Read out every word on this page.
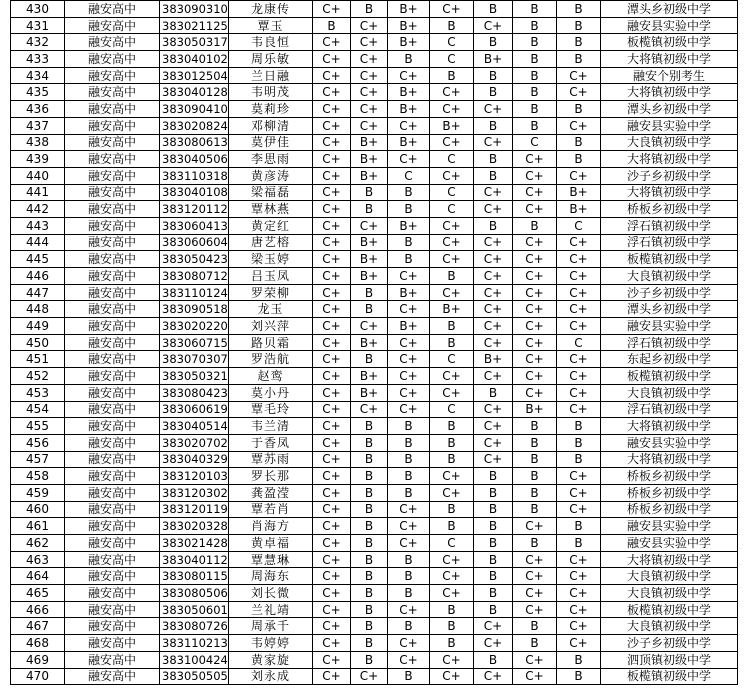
430	融安高中	383090310	龙康传	C+	B	B+	C+	B	B	B	潭头乡初级中学
431	融安高中	383021125	覃玉	B	C+	B+	B	C+	B	B	融安县实验中学
432	融安高中	383050317	韦良恒	C+	C+	B+	C	B	B	B	板榄镇初级中学
433	融安高中	383040102	周乐敏	C+	C+	B	C	B+	B	B	大将镇初级中学
434	融安高中	383012504	兰日融	C+	C+	C+	B	B	B	C+	融安个别考生
435	融安高中	383040128	韦明茂	C+	C+	B+	C+	B	B	C+	大将镇初级中学
436	融安高中	383090410	莫莉珍	C+	C+	B+	C+	C+	B	B	潭头乡初级中学
437	融安高中	383020824	邓柳清	C+	C+	C+	B+	B	B	C+	融安县实验中学
438	融安高中	383080613	莫伊佳	C+	B+	B+	C+	C+	C	B	大良镇初级中学
439	融安高中	383040506	李思雨	C+	B+	C+	C	B	C+	B	大将镇初级中学
440	融安高中	383110318	黄彦涛	C+	B+	C	C+	B	C+	C+	沙子乡初级中学
441	融安高中	383040108	梁福磊	C+	B	B	C	C+	C+	B+	大将镇初级中学
442	融安高中	383120112	覃林燕	C+	B	B	C	C+	C+	B+	桥板乡初级中学
443	融安高中	383060413	黄定红	C+	C+	B+	C+	B	B	C	浮石镇初级中学
444	融安高中	383060604	唐艺榕	C+	B+	B	C+	C+	C+	C+	浮石镇初级中学
445	融安高中	383050423	梁玉婷	C+	B+	B	C+	C+	C+	C+	板榄镇初级中学
446	融安高中	383080712	吕玉凤	C+	B+	C+	B	C+	C+	C+	大良镇初级中学
447	融安高中	383110124	罗荣柳	C+	B	B+	C+	C+	C+	C+	沙子乡初级中学
448	融安高中	383090518	龙玉	C+	B	C+	B+	C+	C+	C+	潭头乡初级中学
449	融安高中	383020220	刘兴萍	C+	C+	B+	B	C+	C+	C+	融安县实验中学
450	融安高中	383060715	路贝霜	C+	B+	C+	B	C+	C+	C	浮石镇初级中学
451	融安高中	383070307	罗浩航	C+	B	C+	C	B+	C+	C+	东起乡初级中学
452	融安高中	383050321	赵鸾	C+	B+	C+	C+	C+	C+	C+	板榄镇初级中学
453	融安高中	383080423	莫小丹	C+	B+	C+	C+	B	C+	C+	大良镇初级中学
454	融安高中	383060619	覃毛玲	C+	C+	C+	C	C+	B+	C+	浮石镇初级中学
455	融安高中	383040514	韦兰清	C+	B	B	B	C+	B	B	大将镇初级中学
456	融安高中	383020702	于香凤	C+	B	B	B	C+	B	B	融安县实验中学
457	融安高中	383040329	覃苏雨	C+	B	B	B	C+	B	B	大将镇初级中学
458	融安高中	383120103	罗长那	C+	B	B	C+	B	B	C+	桥板乡初级中学
459	融安高中	383120302	龚盈滢	C+	B	B	C+	B	B	C+	桥板乡初级中学
460	融安高中	383120119	覃若肖	C+	B	C+	B	B	B	C+	桥板乡初级中学
461	融安高中	383020328	肖海方	C+	B	C+	B	B	C+	B	融安县实验中学
462	融安高中	383021428	黄卓福	C+	B	C+	C	B	B	B	融安县实验中学
463	融安高中	383040112	覃慧琳	C+	B	B	C+	B	C+	C+	大将镇初级中学
464	融安高中	383080115	周海东	C+	B	B	C+	B	C+	C+	大良镇初级中学
465	融安高中	383080506	刘长微	C+	B	B	C+	B	C+	C+	大良镇初级中学
466	融安高中	383050601	兰礼靖	C+	B	C+	B	B	C+	C+	板榄镇初级中学
467	融安高中	383080726	周承千	C+	B	B	B	C+	B	C+	大良镇初级中学
468	融安高中	383110213	韦婷婷	C+	B	C+	B	C+	B	C+	沙子乡初级中学
469	融安高中	383100424	黄家旋	C+	B	C+	C+	B	C+	B	泗顶镇初级中学
470	融安高中	383050505	刘永成	C+	C+	B	C+	C+	C+	B	板榄镇初级中学
